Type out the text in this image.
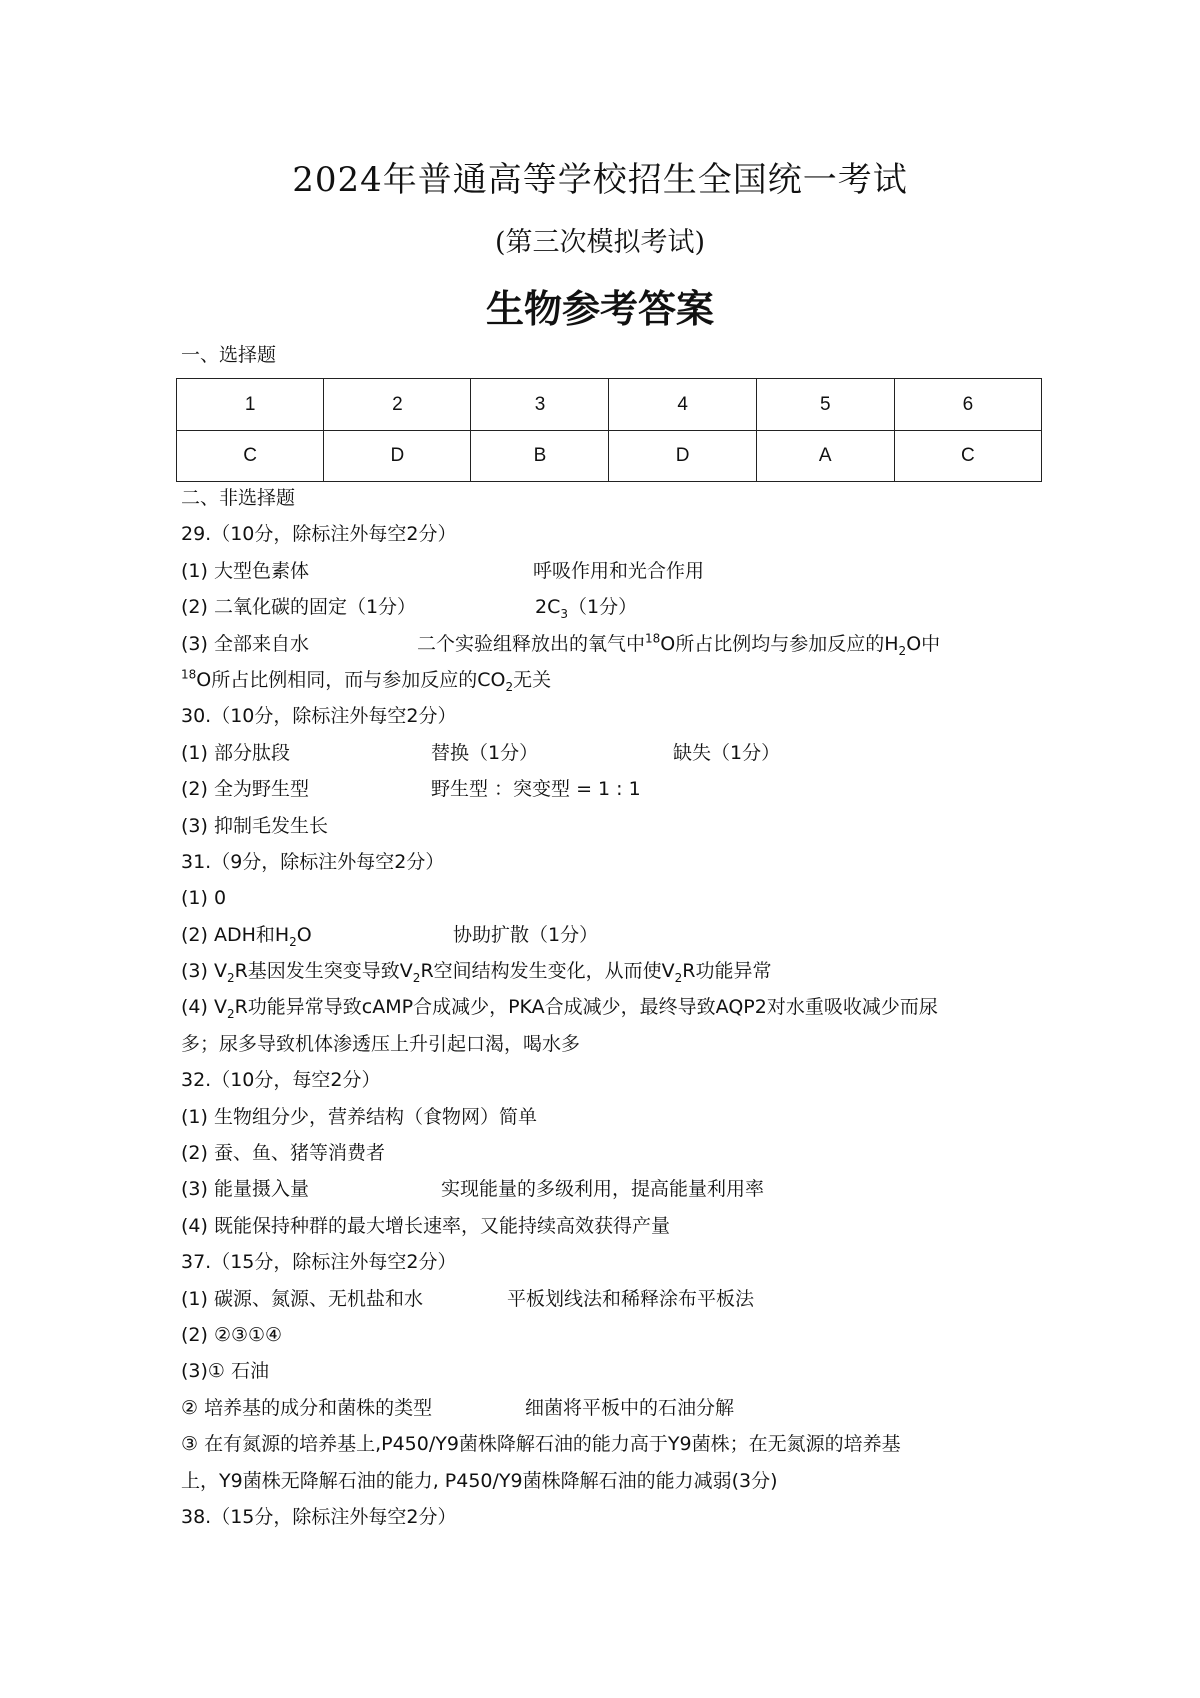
2024年普通高等学校招生全国统一考试
(第三次模拟考试)
生物参考答案
一、选择题
1	2	3	4	5	6
C	D	B	D	A	C
二、非选择题
29.（10分，除标注外每空2分）
(1) 大型色素体	呼吸作用和光合作用
(2) 二氧化碳的固定（1分）	$2C_3(1$分）
(3) 全部来自水	二个实验组释放出的氧气中$^{18}$O所占比例均与参加反应的$H_2O$中
$^{18}$O所占比例相同，而与参加反应的$CO_2$无关
30.（10分，除标注外每空2分）
(1) 部分肽段	替换（1分）	缺失（1分）
(2) 全为野生型	野生型 ：突变型 = 1 : 1
(3) 抑制毛发生长
31.（9分，除标注外每空2分）
(1) 0
(2) ADH和$H_2O$	协助扩散（1分）
(3) $V_2R$基因发生突变导致$V_2R$空间结构发生变化，从而使$V_2R$功能异常
(4) $V_2R$功能异常导致cAMP合成减少，PKA合成减少，最终导致AQP2对水重吸收减少而尿
多；尿多导致机体渗透压上升引起口渴，喝水多
32.（10分，每空2分）
(1) 生物组分少，营养结构（食物网）简单
(2) 蚕、鱼、猪等消费者
(3) 能量摄入量	实现能量的多级利用，提高能量利用率
(4) 既能保持种群的最大增长速率，又能持续高效获得产量
37.（15分，除标注外每空2分）
(1) 碳源、氮源、无机盐和水	平板划线法和稀释涂布平板法
(2) ②③①④
(3)① 石油
② 培养基的成分和菌株的类型	细菌将平板中的石油分解
③ 在有氮源的培养基上,P450/Y9菌株降解石油的能力高于Y9菌株；在无氮源的培养基
上，Y9菌株无降解石油的能力, P450/Y9菌株降解石油的能力减弱(3分)
38.（15分，除标注外每空2分）
